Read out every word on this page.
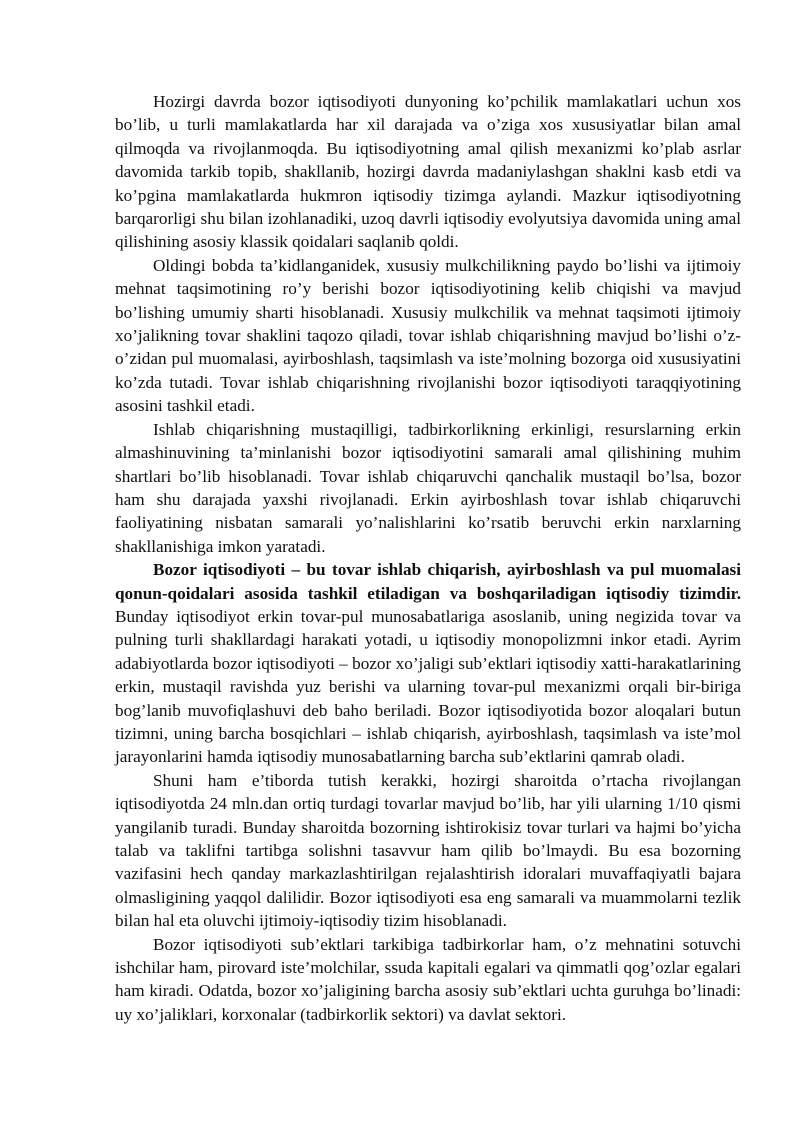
Hozirgi davrda bozor iqtisodiyoti dunyoning ko’pchilik mamlakatlari uchun xos bo’lib, u turli mamlakatlarda har xil darajada va o’ziga xos xususiyatlar bilan amal qilmoqda va rivojlanmoqda. Bu iqtisodiyotning amal qilish mexanizmi ko’plab asrlar davomida tarkib topib, shakllanib, hozirgi davrda madaniylashgan shaklni kasb etdi va ko’pgina mamlakatlarda hukmron iqtisodiy tizimga aylandi. Mazkur iqtisodiyotning barqarorligi shu bilan izohlanadiki, uzoq davrli iqtisodiy evolyutsiya davomida uning amal qilishining asosiy klassik qoidalari saqlanib qoldi.

Oldingi bobda ta’kidlanganidek, xususiy mulkchilikning paydo bo’lishi va ijtimoiy mehnat taqsimotining ro’y berishi bozor iqtisodiyotining kelib chiqishi va mavjud bo’lishing umumiy sharti hisoblanadi. Xususiy mulkchilik va mehnat taqsimoti ijtimoiy xo’jalikning tovar shaklini taqozo qiladi, tovar ishlab chiqarishning mavjud bo’lishi o’z-o’zidan pul muomalasi, ayirboshlash, taqsimlash va iste’molning bozorga oid xususiyatini ko’zda tutadi. Tovar ishlab chiqarishning rivojlanishi bozor iqtisodiyoti taraqqiyotining asosini tashkil etadi.

Ishlab chiqarishning mustaqilligi, tadbirkorlikning erkinligi, resurslarning erkin almashinuvining ta’minlanishi bozor iqtisodiyotini samarali amal qilishining muhim shartlari bo’lib hisoblanadi. Tovar ishlab chiqaruvchi qanchalik mustaqil bo’lsa, bozor ham shu darajada yaxshi rivojlanadi. Erkin ayirboshlash tovar ishlab chiqaruvchi faoliyatining nisbatan samarali yo’nalishlarini ko’rsatib beruvchi erkin narxlarning shakllanishiga imkon yaratadi.

Bozor iqtisodiyoti – bu tovar ishlab chiqarish, ayirboshlash va pul muomalasi qonun-qoidalari asosida tashkil etiladigan va boshqariladigan iqtisodiy tizimdir. Bunday iqtisodiyot erkin tovar-pul munosabatlariga asoslanib, uning negizida tovar va pulning turli shakllardagi harakati yotadi, u iqtisodiy monopolizmni inkor etadi. Ayrim adabiyotlarda bozor iqtisodiyoti – bozor xo’jaligi sub’ektlari iqtisodiy xatti-harakatlarining erkin, mustaqil ravishda yuz berishi va ularning tovar-pul mexanizmi orqali bir-biriga bog’lanib muvofiqlashuvi deb baho beriladi. Bozor iqtisodiyotida bozor aloqalari butun tizimni, uning barcha bosqichlari – ishlab chiqarish, ayirboshlash, taqsimlash va iste’mol jarayonlarini hamda iqtisodiy munosabatlarning barcha sub’ektlarini qamrab oladi.

Shuni ham e’tiborda tutish kerakki, hozirgi sharoitda o’rtacha rivojlangan iqtisodiyotda 24 mln.dan ortiq turdagi tovarlar mavjud bo’lib, har yili ularning 1/10 qismi yangilanib turadi. Bunday sharoitda bozorning ishtirokisiz tovar turlari va hajmi bo’yicha talab va taklifni tartibga solishni tasavvur ham qilib bo’lmaydi. Bu esa bozorning vazifasini hech qanday markazlashtirilgan rejalashtirish idoralari muvaffaqiyatli bajara olmasligining yaqqol dalilidir. Bozor iqtisodiyoti esa eng samarali va muammolarni tezlik bilan hal eta oluvchi ijtimoiy-iqtisodiy tizim hisoblanadi.

Bozor iqtisodiyoti sub’ektlari tarkibiga tadbirkorlar ham, o’z mehnatini sotuvchi ishchilar ham, pirovard iste’molchilar, ssuda kapitali egalari va qimmatli qog’ozlar egalari ham kiradi. Odatda, bozor xo’jaligining barcha asosiy sub’ektlari uchta guruhga bo’linadi: uy xo’jaliklari, korxonalar (tadbirkorlik sektori) va davlat sektori.
